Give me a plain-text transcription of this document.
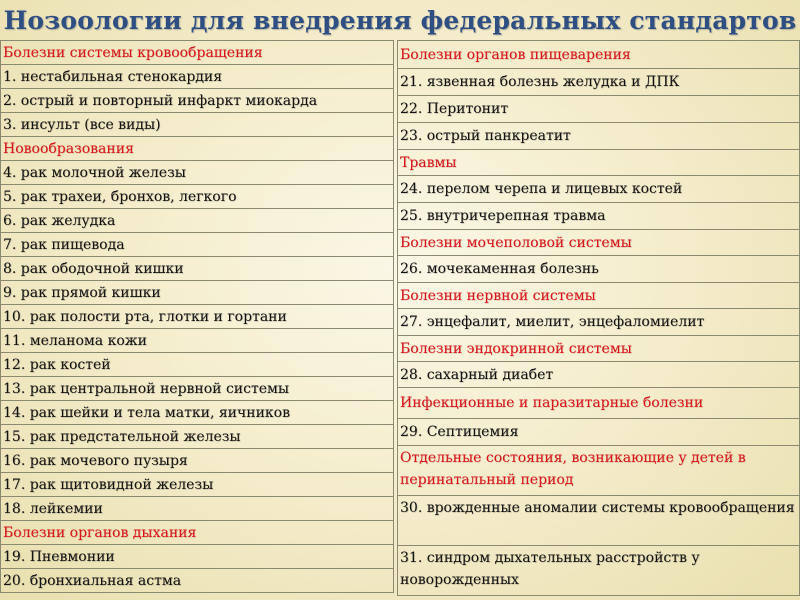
Нозоологии для внедрения федеральных стандартов
Болезни системы кровообращения
1. нестабильная стенокардия
2. острый и повторный инфаркт миокарда
3. инсульт (все виды)
Новообразования
4. рак молочной железы
5. рак трахеи, бронхов, легкого
6. рак желудка
7. рак пищевода
8. рак ободочной кишки
9. рак прямой кишки
10. рак полости рта, глотки и гортани
11. меланома кожи
12. рак костей
13. рак центральной нервной системы
14. рак шейки и тела матки, яичников
15. рак предстательной железы
16. рак мочевого пузыря
17. рак щитовидной железы
18. лейкемии
Болезни органов дыхания
19. Пневмонии
20. бронхиальная астма
Болезни органов пищеварения
21. язвенная болезнь желудка и ДПК
22. Перитонит
23. острый панкреатит
Травмы
24. перелом черепа и лицевых костей
25. внутричерепная травма
Болезни мочеполовой системы
26. мочекаменная болезнь
Болезни нервной системы
27. энцефалит, миелит, энцефаломиелит
Болезни эндокринной системы
28. сахарный диабет
Инфекционные и паразитарные болезни
29. Септицемия
Отдельные состояния, возникающие у детей в перинатальный период
30. врожденные аномалии системы кровообращения
31. синдром дыхательных расстройств у новорожденных
